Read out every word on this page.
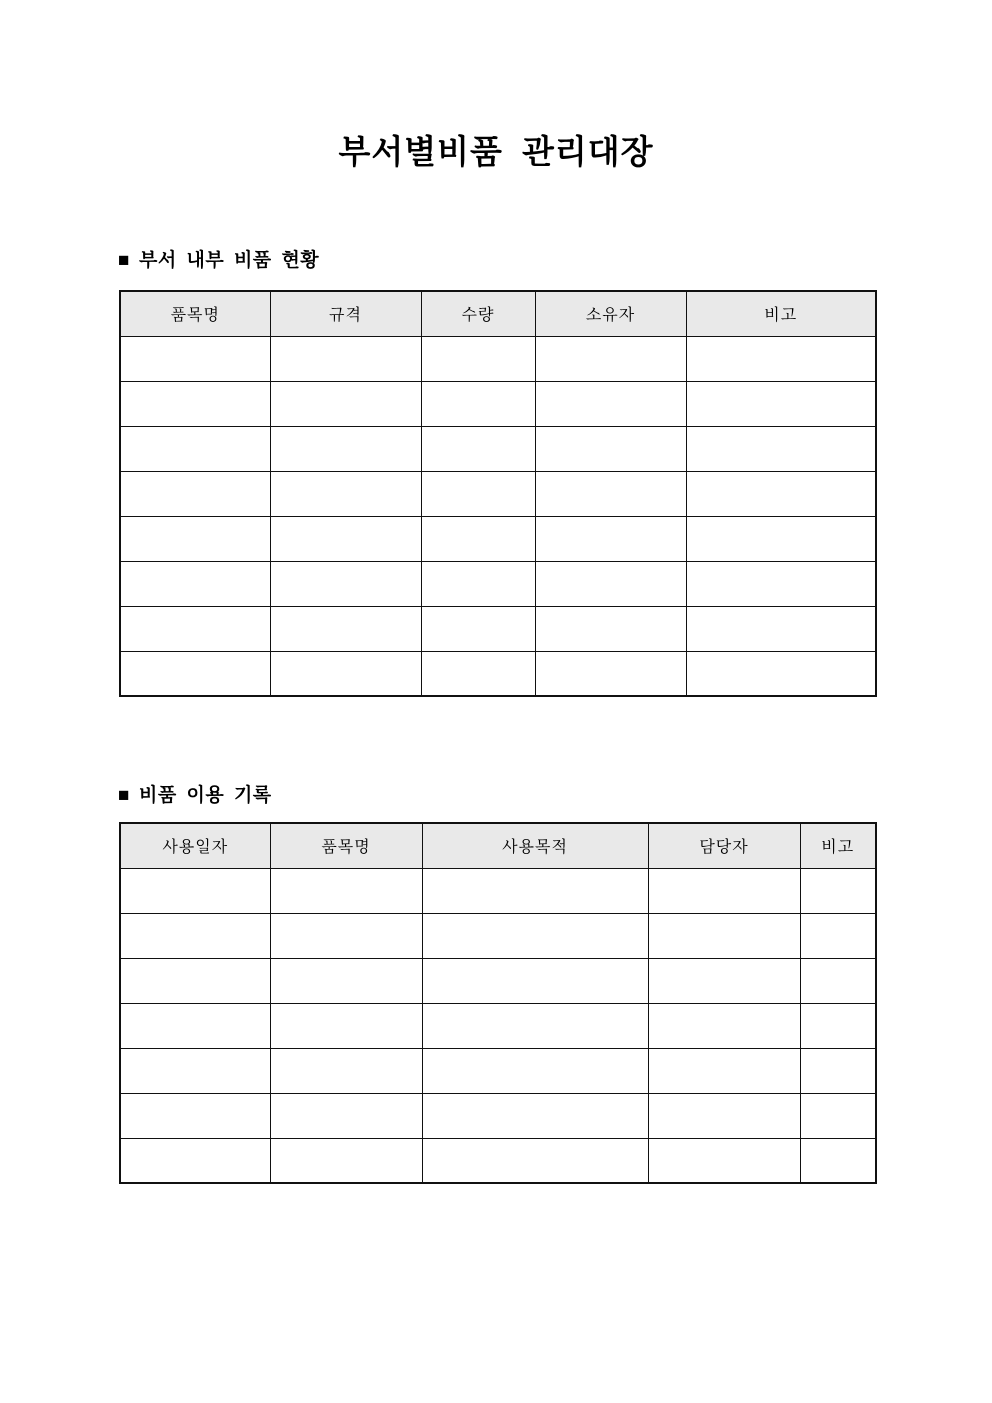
부서별비품 관리대장
■ 부서 내부 비품 현황
품목명	규격	수량	소유자	비고

■ 비품 이용 기록
사용일자	품목명	사용목적	담당자	비고
